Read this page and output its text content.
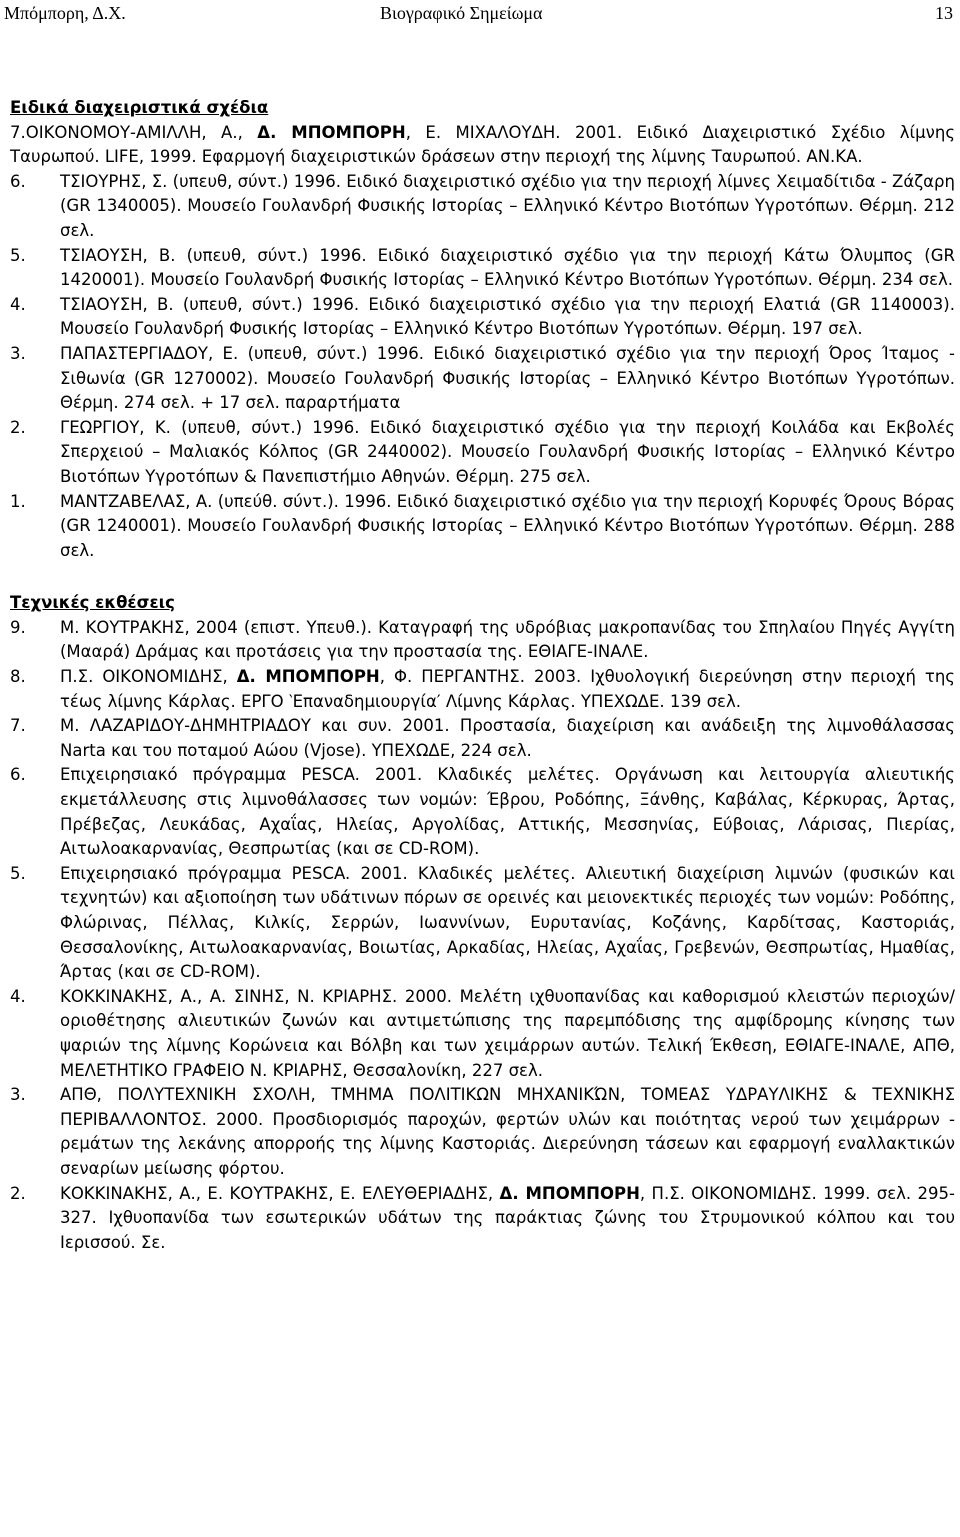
Μπόμπορη, Δ.Χ.	Βιογραφικό Σημείωμα	13

Ειδικά διαχειριστικά σχέδια

7.ΟΙΚΟΝΟΜΟΥ-ΑΜΙΛΛΗ, Α., Δ. ΜΠΟΜΠΟΡΗ, Ε. ΜΙΧΑΛΟΥΔΗ. 2001. Ειδικό Διαχειριστικό Σχέδιο λίμνης Ταυρωπού. LIFE, 1999. Εφαρμογή διαχειριστικών δράσεων στην περιοχή της λίμνης Ταυρωπού. ΑΝ.ΚΑ.

6. ΤΣΙΟΥΡΗΣ, Σ. (υπευθ, σύντ.) 1996. Ειδικό διαχειριστικό σχέδιο για την περιοχή λίμνες Χειμαδίτιδα - Ζάζαρη (GR 1340005). Μουσείο Γουλανδρή Φυσικής Ιστορίας – Ελληνικό Κέντρο Βιοτόπων Υγροτόπων. Θέρμη. 212 σελ.

5. ΤΣΙΑΟΥΣΗ, Β. (υπευθ, σύντ.) 1996. Ειδικό διαχειριστικό σχέδιο για την περιοχή Κάτω Όλυμπος (GR 1420001). Μουσείο Γουλανδρή Φυσικής Ιστορίας – Ελληνικό Κέντρο Βιοτόπων Υγροτόπων. Θέρμη. 234 σελ.

4. ΤΣΙΑΟΥΣΗ, Β. (υπευθ, σύντ.) 1996. Ειδικό διαχειριστικό σχέδιο για την περιοχή Ελατιά (GR 1140003). Μουσείο Γουλανδρή Φυσικής Ιστορίας – Ελληνικό Κέντρο Βιοτόπων Υγροτόπων. Θέρμη. 197 σελ.

3. ΠΑΠΑΣΤΕΡΓΙΑΔΟΥ, Ε. (υπευθ, σύντ.) 1996. Ειδικό διαχειριστικό σχέδιο για την περιοχή Όρος Ίταμος - Σιθωνία (GR 1270002). Μουσείο Γουλανδρή Φυσικής Ιστορίας – Ελληνικό Κέντρο Βιοτόπων Υγροτόπων. Θέρμη. 274 σελ. + 17 σελ. παραρτήματα

2. ΓΕΩΡΓΙΟΥ, Κ. (υπευθ, σύντ.) 1996. Ειδικό διαχειριστικό σχέδιο για την περιοχή Κοιλάδα και Εκβολές Σπερχειού – Μαλιακός Κόλπος (GR 2440002). Μουσείο Γουλανδρή Φυσικής Ιστορίας – Ελληνικό Κέντρο Βιοτόπων Υγροτόπων & Πανεπιστήμιο Αθηνών. Θέρμη. 275 σελ.

1. ΜΑΝΤΖΑΒΕΛΑΣ, Α. (υπεύθ. σύντ.). 1996. Ειδικό διαχειριστικό σχέδιο για την περιοχή Κορυφές Όρους Βόρας (GR 1240001). Μουσείο Γουλανδρή Φυσικής Ιστορίας – Ελληνικό Κέντρο Βιοτόπων Υγροτόπων. Θέρμη. 288 σελ.

Τεχνικές εκθέσεις

9. Μ. ΚΟΥΤΡΑΚΗΣ, 2004 (επιστ. Υπευθ.). Καταγραφή της υδρόβιας μακροπανίδας του Σπηλαίου Πηγές Αγγίτη (Μααρά) Δράμας και προτάσεις για την προστασία της. ΕΘΙΑΓΕ-ΙΝΑΛΕ.

8. Π.Σ. ΟΙΚΟΝΟΜΙΔΗΣ, Δ. ΜΠΟΜΠΟΡΗ, Φ. ΠΕΡΓΑΝΤΗΣ. 2003. Ιχθυολογική διερεύνηση στην περιοχή της τέως λίμνης Κάρλας. ΕΡΓΟ ‵Επαναδημιουργία′ Λίμνης Κάρλας. ΥΠΕΧΩΔΕ. 139 σελ.

7. Μ. ΛΑΖΑΡΙΔΟΥ-ΔΗΜΗΤΡΙΑΔΟΥ και συν. 2001. Προστασία, διαχείριση και ανάδειξη της λιμνοθάλασσας Narta και του ποταμού Αώου (Vjose). ΥΠΕΧΩΔΕ, 224 σελ.

6. Επιχειρησιακό πρόγραμμα PESCA. 2001. Κλαδικές μελέτες. Οργάνωση και λειτουργία αλιευτικής εκμετάλλευσης στις λιμνοθάλασσες των νομών: Έβρου, Ροδόπης, Ξάνθης, Καβάλας, Κέρκυρας, Άρτας, Πρέβεζας, Λευκάδας, Αχαΐας, Ηλείας, Αργολίδας, Αττικής, Μεσσηνίας, Εύβοιας, Λάρισας, Πιερίας, Αιτωλοακαρνανίας, Θεσπρωτίας (και σε CD-ROM).

5. Επιχειρησιακό πρόγραμμα PESCA. 2001. Κλαδικές μελέτες. Αλιευτική διαχείριση λιμνών (φυσικών και τεχνητών) και αξιοποίηση των υδάτινων πόρων σε ορεινές και μειονεκτικές περιοχές των νομών: Ροδόπης, Φλώρινας, Πέλλας, Κιλκίς, Σερρών, Ιωαννίνων, Ευρυτανίας, Κοζάνης, Καρδίτσας, Καστοριάς, Θεσσαλονίκης, Αιτωλοακαρνανίας, Βοιωτίας, Αρκαδίας, Ηλείας, Αχαΐας, Γρεβενών, Θεσπρωτίας, Ημαθίας, Άρτας (και σε CD-ROM).

4. ΚΟΚΚΙΝΑΚΗΣ, Α., Α. ΣΙΝΗΣ, Ν. ΚΡΙΑΡΗΣ. 2000. Μελέτη ιχθυοπανίδας και καθορισμού κλειστών περιοχών/οριοθέτησης αλιευτικών ζωνών και αντιμετώπισης της παρεμπόδισης της αμφίδρομης κίνησης των ψαριών της λίμνης Κορώνεια και Βόλβη και των χειμάρρων αυτών. Τελική Έκθεση, ΕΘΙΑΓΕ-ΙΝΑΛΕ, ΑΠΘ, ΜΕΛΕΤΗΤΙΚΟ ΓΡΑΦΕΙΟ Ν. ΚΡΙΑΡΗΣ, Θεσσαλονίκη, 227 σελ.

3. ΑΠΘ, ΠΟΛΥΤΕΧΝΙΚΗ ΣΧΟΛΗ, ΤΜΗΜΑ ΠΟΛΙΤΙΚΩΝ ΜΗΧΑΝΙΚΏΝ, ΤΟΜΕΑΣ ΥΔΡΑΥΛΙΚΗΣ & ΤΕΧΝΙΚΗΣ ΠΕΡΙΒΑΛΛΟΝΤΟΣ. 2000. Προσδιορισμός παροχών, φερτών υλών και ποιότητας νερού των χειμάρρων - ρεμάτων της λεκάνης απορροής της λίμνης Καστοριάς. Διερεύνηση τάσεων και εφαρμογή εναλλακτικών σεναρίων μείωσης φόρτου.

2. ΚΟΚΚΙΝΑΚΗΣ, Α., Ε. ΚΟΥΤΡΑΚΗΣ, Ε. ΕΛΕΥΘΕΡΙΑΔΗΣ, Δ. ΜΠΟΜΠΟΡΗ, Π.Σ. ΟΙΚΟΝΟΜΙΔΗΣ. 1999. σελ. 295-327. Ιχθυοπανίδα των εσωτερικών υδάτων της παράκτιας ζώνης του Στρυμονικού κόλπου και του Ιερισσού. Σε.
